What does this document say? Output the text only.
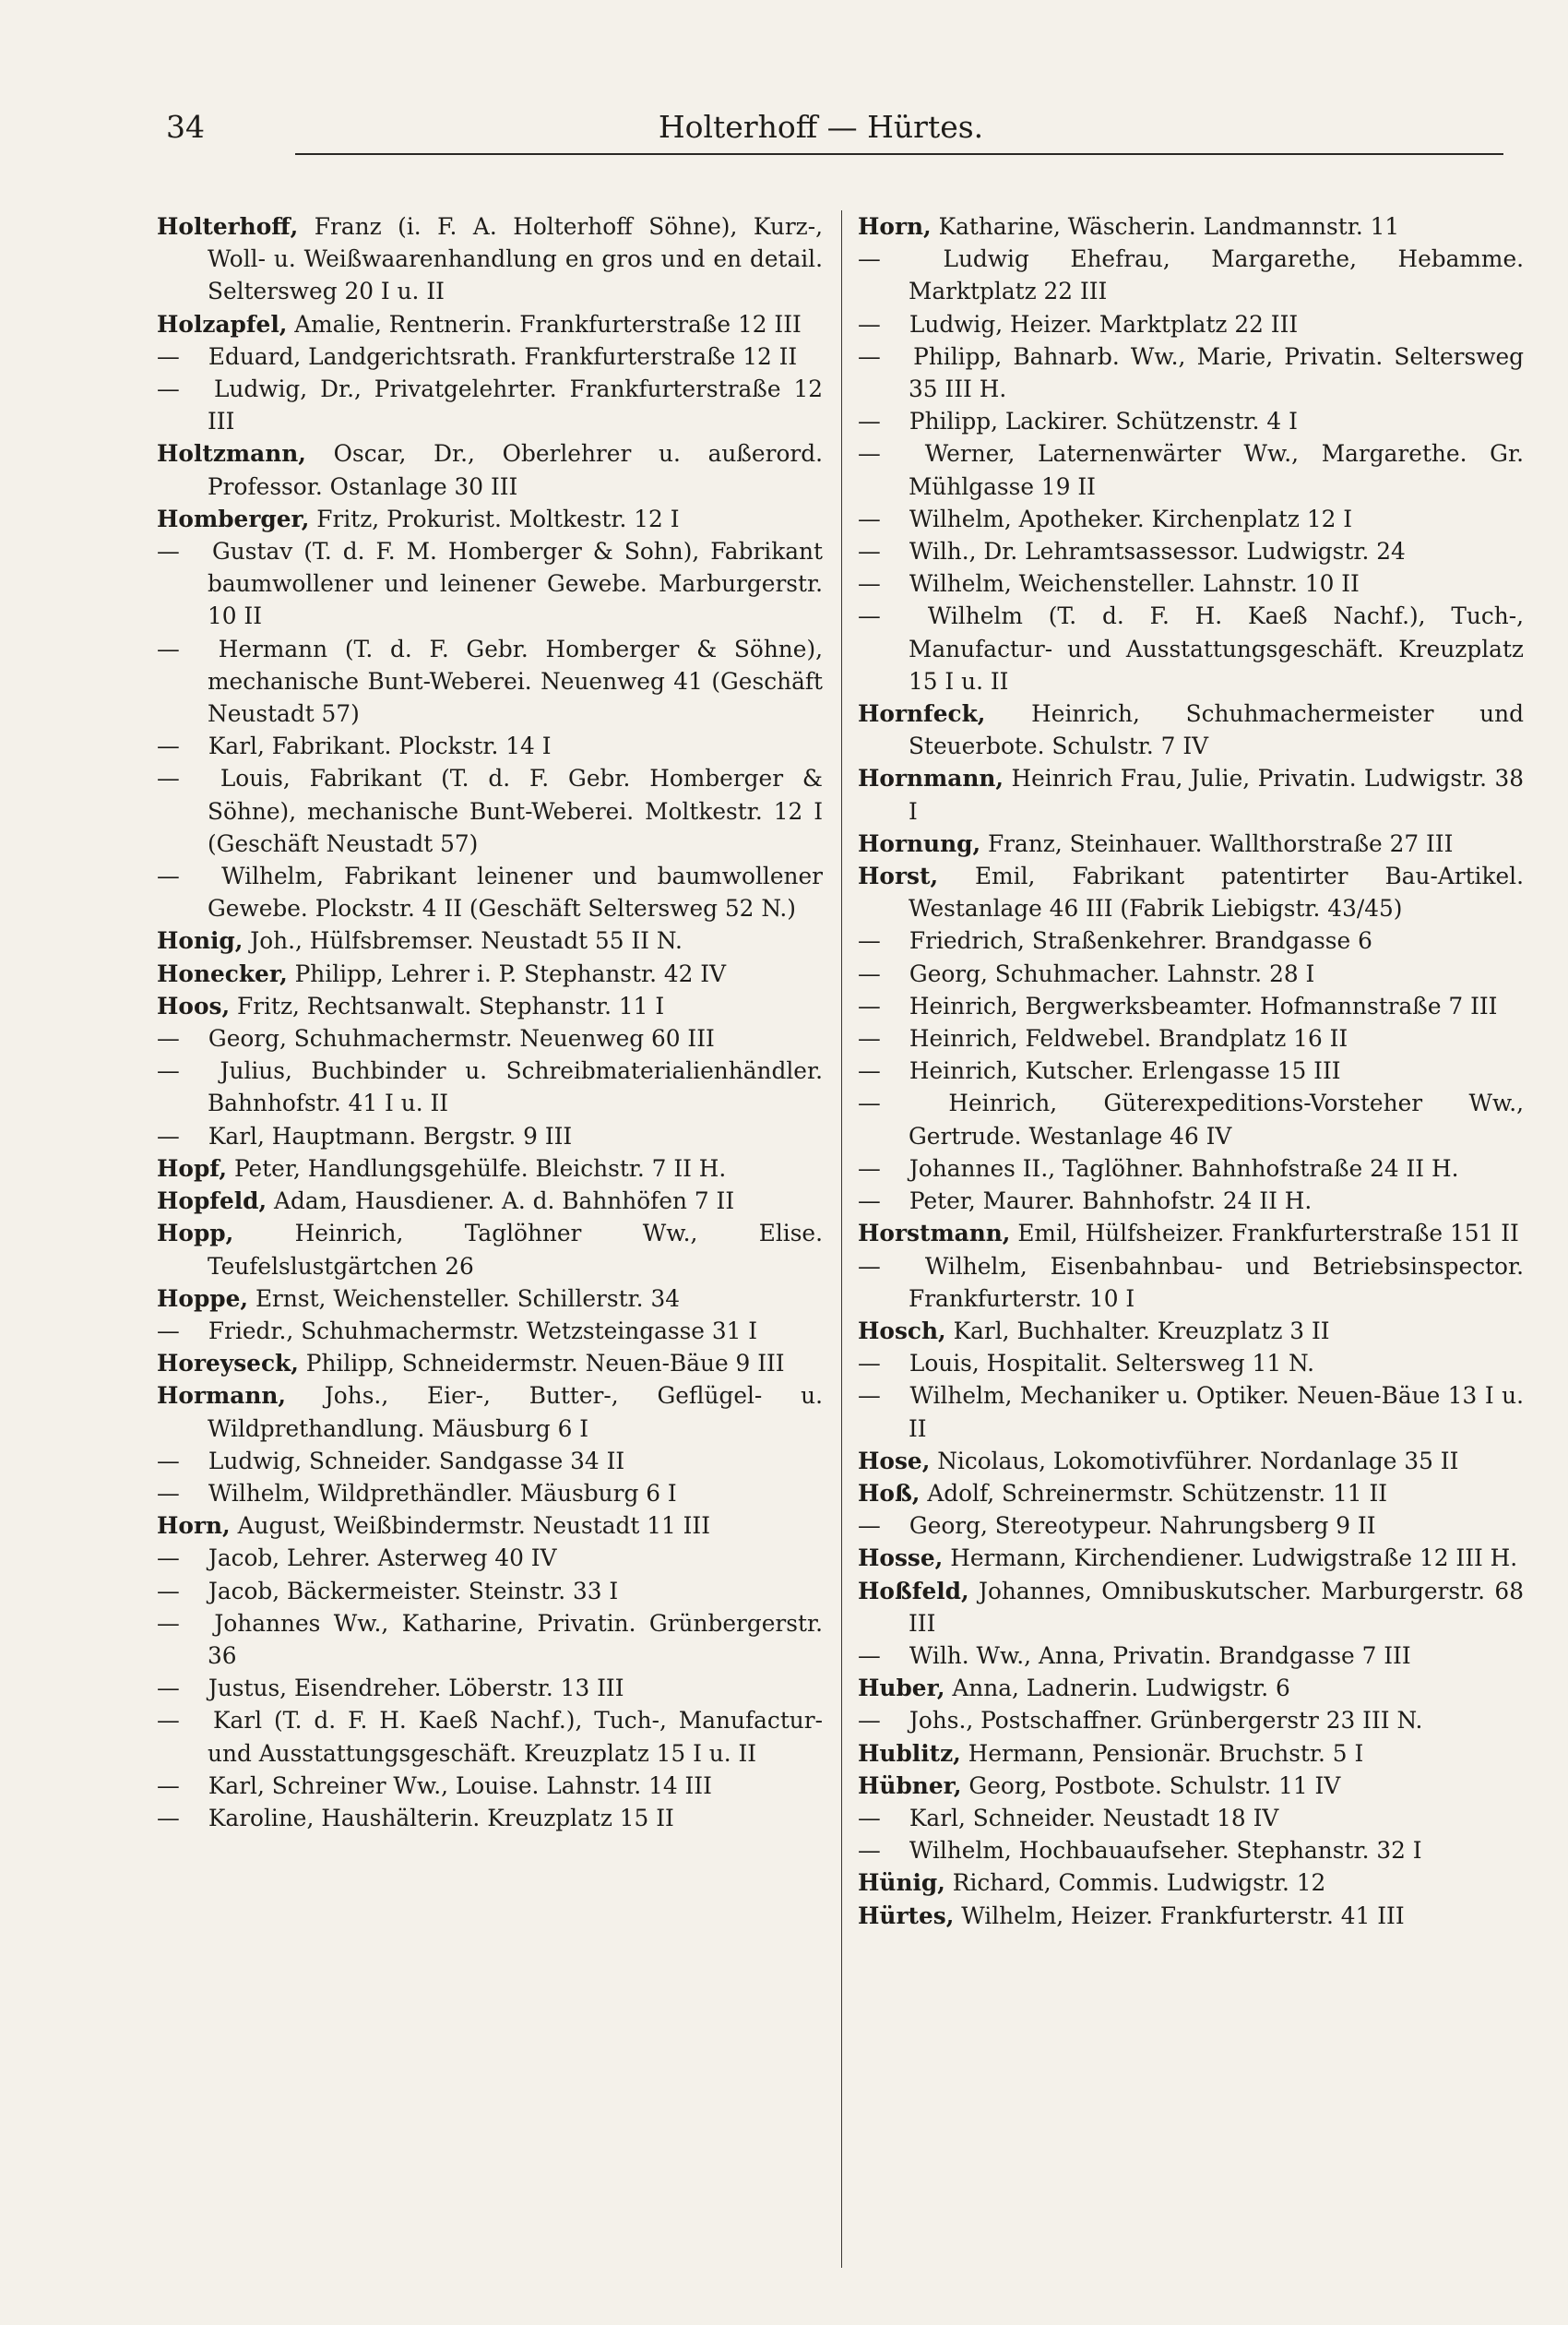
34	Holterhoff — Hürtes.

Holterhoff, Franz (i. F. A. Holterhoff Söhne), Kurz-, Woll- u. Weißwaarenhandlung en gros und en detail. Seltersweg 20 I u. II

Holzapfel, Amalie, Rentnerin. Frankfurterstraße 12 III

— Eduard, Landgerichtsrath. Frankfurterstraße 12 II

— Ludwig, Dr., Privatgelehrter. Frankfurterstraße 12 III

Holtzmann, Oscar, Dr., Oberlehrer u. außerord. Professor. Ostanlage 30 III

Homberger, Fritz, Prokurist. Moltkestr. 12 I

— Gustav (T. d. F. M. Homberger & Sohn), Fabrikant baumwollener und leinener Gewebe. Marburgerstr. 10 II

— Hermann (T. d. F. Gebr. Homberger & Söhne), mechanische Bunt-Weberei. Neuenweg 41 (Geschäft Neustadt 57)

— Karl, Fabrikant. Plockstr. 14 I

— Louis, Fabrikant (T. d. F. Gebr. Homberger & Söhne), mechanische Bunt-Weberei. Moltkestr. 12 I (Geschäft Neustadt 57)

— Wilhelm, Fabrikant leinener und baumwollener Gewebe. Plockstr. 4 II (Geschäft Seltersweg 52 N.)

Honig, Joh., Hülfsbremser. Neustadt 55 II N.

Honecker, Philipp, Lehrer i. P. Stephanstr. 42 IV

Hoos, Fritz, Rechtsanwalt. Stephanstr. 11 I

— Georg, Schuhmachermstr. Neuenweg 60 III

— Julius, Buchbinder u. Schreibmaterialienhändler. Bahnhofstr. 41 I u. II

— Karl, Hauptmann. Bergstr. 9 III

Hopf, Peter, Handlungsgehülfe. Bleichstr. 7 II H.

Hopfeld, Adam, Hausdiener. A. d. Bahnhöfen 7 II

Hopp, Heinrich, Taglöhner Ww., Elise. Teufelslustgärtchen 26

Hoppe, Ernst, Weichensteller. Schillerstr. 34

— Friedr., Schuhmachermstr. Wetzsteingasse 31 I

Horeyseck, Philipp, Schneidermstr. Neuen-Bäue 9 III

Hormann, Johs., Eier-, Butter-, Geflügel- u. Wildprethandlung. Mäusburg 6 I

— Ludwig, Schneider. Sandgasse 34 II

— Wilhelm, Wildprethändler. Mäusburg 6 I

Horn, August, Weißbindermstr. Neustadt 11 III

— Jacob, Lehrer. Asterweg 40 IV

— Jacob, Bäckermeister. Steinstr. 33 I

— Johannes Ww., Katharine, Privatin. Grünbergerstr. 36

— Justus, Eisendreher. Löberstr. 13 III

— Karl (T. d. F. H. Kaeß Nachf.), Tuch-, Manufactur- und Ausstattungsgeschäft. Kreuzplatz 15 I u. II

— Karl, Schreiner Ww., Louise. Lahnstr. 14 III

— Karoline, Haushälterin. Kreuzplatz 15 II

Horn, Katharine, Wäscherin. Landmannstr. 11

— Ludwig Ehefrau, Margarethe, Hebamme. Marktplatz 22 III

— Ludwig, Heizer. Marktplatz 22 III

— Philipp, Bahnarb. Ww., Marie, Privatin. Seltersweg 35 III H.

— Philipp, Lackirer. Schützenstr. 4 I

— Werner, Laternenwärter Ww., Margarethe. Gr. Mühlgasse 19 II

— Wilhelm, Apotheker. Kirchenplatz 12 I

— Wilh., Dr. Lehramtsassessor. Ludwigstr. 24

— Wilhelm, Weichensteller. Lahnstr. 10 II

— Wilhelm (T. d. F. H. Kaeß Nachf.), Tuch-, Manufactur- und Ausstattungsgeschäft. Kreuzplatz 15 I u. II

Hornfeck, Heinrich, Schuhmachermeister und Steuerbote. Schulstr. 7 IV

Hornmann, Heinrich Frau, Julie, Privatin. Ludwigstr. 38 I

Hornung, Franz, Steinhauer. Wallthorstraße 27 III

Horst, Emil, Fabrikant patentirter Bau-Artikel. Westanlage 46 III (Fabrik Liebigstr. 43/45)

— Friedrich, Straßenkehrer. Brandgasse 6

— Georg, Schuhmacher. Lahnstr. 28 I

— Heinrich, Bergwerksbeamter. Hofmannstraße 7 III

— Heinrich, Feldwebel. Brandplatz 16 II

— Heinrich, Kutscher. Erlengasse 15 III

— Heinrich, Güterexpeditions-Vorsteher Ww., Gertrude. Westanlage 46 IV

— Johannes II., Taglöhner. Bahnhofstraße 24 II H.

— Peter, Maurer. Bahnhofstr. 24 II H.

Horstmann, Emil, Hülfsheizer. Frankfurterstraße 151 II

— Wilhelm, Eisenbahnbau- und Betriebsinspector. Frankfurterstr. 10 I

Hosch, Karl, Buchhalter. Kreuzplatz 3 II

— Louis, Hospitalit. Seltersweg 11 N.

— Wilhelm, Mechaniker u. Optiker. Neuen-Bäue 13 I u. II

Hose, Nicolaus, Lokomotivführer. Nordanlage 35 II

Hoß, Adolf, Schreinermstr. Schützenstr. 11 II

— Georg, Stereotypeur. Nahrungsberg 9 II

Hosse, Hermann, Kirchendiener. Ludwigstraße 12 III H.

Hoßfeld, Johannes, Omnibuskutscher. Marburgerstr. 68 III

— Wilh. Ww., Anna, Privatin. Brandgasse 7 III

Huber, Anna, Ladnerin. Ludwigstr. 6

— Johs., Postschaffner. Grünbergerstr 23 III N.

Hublitz, Hermann, Pensionär. Bruchstr. 5 I

Hübner, Georg, Postbote. Schulstr. 11 IV

— Karl, Schneider. Neustadt 18 IV

— Wilhelm, Hochbauaufseher. Stephanstr. 32 I

Hünig, Richard, Commis. Ludwigstr. 12

Hürtes, Wilhelm, Heizer. Frankfurterstr. 41 III
